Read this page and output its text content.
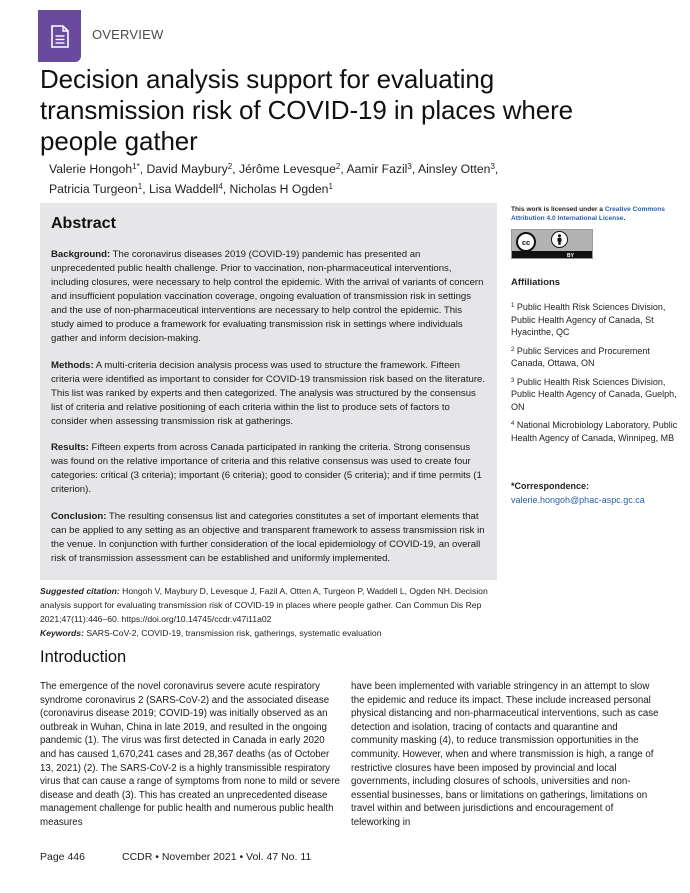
OVERVIEW
Decision analysis support for evaluating transmission risk of COVID-19 in places where people gather
Valerie Hongoh$^{1*}$, David Maybury$^2$, Jérôme Levesque$^2$, Aamir Fazil$^3$, Ainsley Otten$^3$,
Patricia Turgeon$^1$, Lisa Waddell$^4$, Nicholas H Ogden$^1$
Abstract

Background: The coronavirus diseases 2019 (COVID-19) pandemic has presented an unprecedented public health challenge. Prior to vaccination, non-pharmaceutical interventions, including closures, were necessary to help control the epidemic. With the arrival of variants of concern and insufficient population vaccination coverage, ongoing evaluation of transmission risk in settings and the use of non-pharmaceutical interventions are necessary to help control the epidemic. This study aimed to produce a framework for evaluating transmission risk in settings where individuals gather and inform decision-making.

Methods: A multi-criteria decision analysis process was used to structure the framework. Fifteen criteria were identified as important to consider for COVID-19 transmission risk based on the literature. This list was ranked by experts and then categorized. The analysis was structured by the consensus list of criteria and relative positioning of each criteria within the list to produce sets of factors to consider when assessing transmission risk at gatherings.

Results: Fifteen experts from across Canada participated in ranking the criteria. Strong consensus was found on the relative importance of criteria and this relative consensus was used to create four categories: critical (3 criteria); important (6 criteria); good to consider (5 criteria); and if time permits (1 criterion).

Conclusion: The resulting consensus list and categories constitutes a set of important elements that can be applied to any setting as an objective and transparent framework to assess transmission risk in the venue. In conjunction with further consideration of the local epidemiology of COVID-19, an overall risk of transmission assessment can be established and uniformly implemented.

This work is licensed under a Creative Commons Attribution 4.0 International License.
cc
BY
Affiliations
$^1$ Public Health Risk Sciences Division, Public Health Agency of Canada, St Hyacinthe, QC
$^2$ Public Services and Procurement Canada, Ottawa, ON
$^3$ Public Health Risk Sciences Division, Public Health Agency of Canada, Guelph, ON
$^4$ National Microbiology Laboratory, Public Health Agency of Canada, Winnipeg, MB
*Correspondence:
valerie.hongoh@phac-aspc.gc.ca
Suggested citation: Hongoh V, Maybury D, Levesque J, Fazil A, Otten A, Turgeon P, Waddell L, Ogden NH. Decision analysis support for evaluating transmission risk of COVID-19 in places where people gather. Can Commun Dis Rep 2021;47(11):446–60. https://doi.org/10.14745/ccdr.v47i11a02
Keywords: SARS-CoV-2, COVID-19, transmission risk, gatherings, systematic evaluation
Introduction
The emergence of the novel coronavirus severe acute respiratory syndrome coronavirus 2 (SARS-CoV-2) and the associated disease (coronavirus disease 2019; COVID-19) was initially observed as an outbreak in Wuhan, China in late 2019, and resulted in the ongoing pandemic (1). The virus was first detected in Canada in early 2020 and has caused 1,670,241 cases and 28,367 deaths (as of October 13, 2021) (2). The SARS-CoV-2 is a highly transmissible respiratory virus that can cause a range of symptoms from none to mild or severe disease and death (3). This has created an unprecedented disease management challenge for public health and numerous public health measures
have been implemented with variable stringency in an attempt to slow the epidemic and reduce its impact. These include increased personal physical distancing and non-pharmaceutical interventions, such as case detection and isolation, tracing of contacts and quarantine and community masking (4), to reduce transmission opportunities in the community. However, when and where transmission is high, a range of restrictive closures have been imposed by provincial and local governments, including closures of schools, universities and non-essential businesses, bans or limitations on gatherings, limitations on travel within and between jurisdictions and encouragement of teleworking in
Page 446	CCDR • November 2021 • Vol. 47 No. 11
